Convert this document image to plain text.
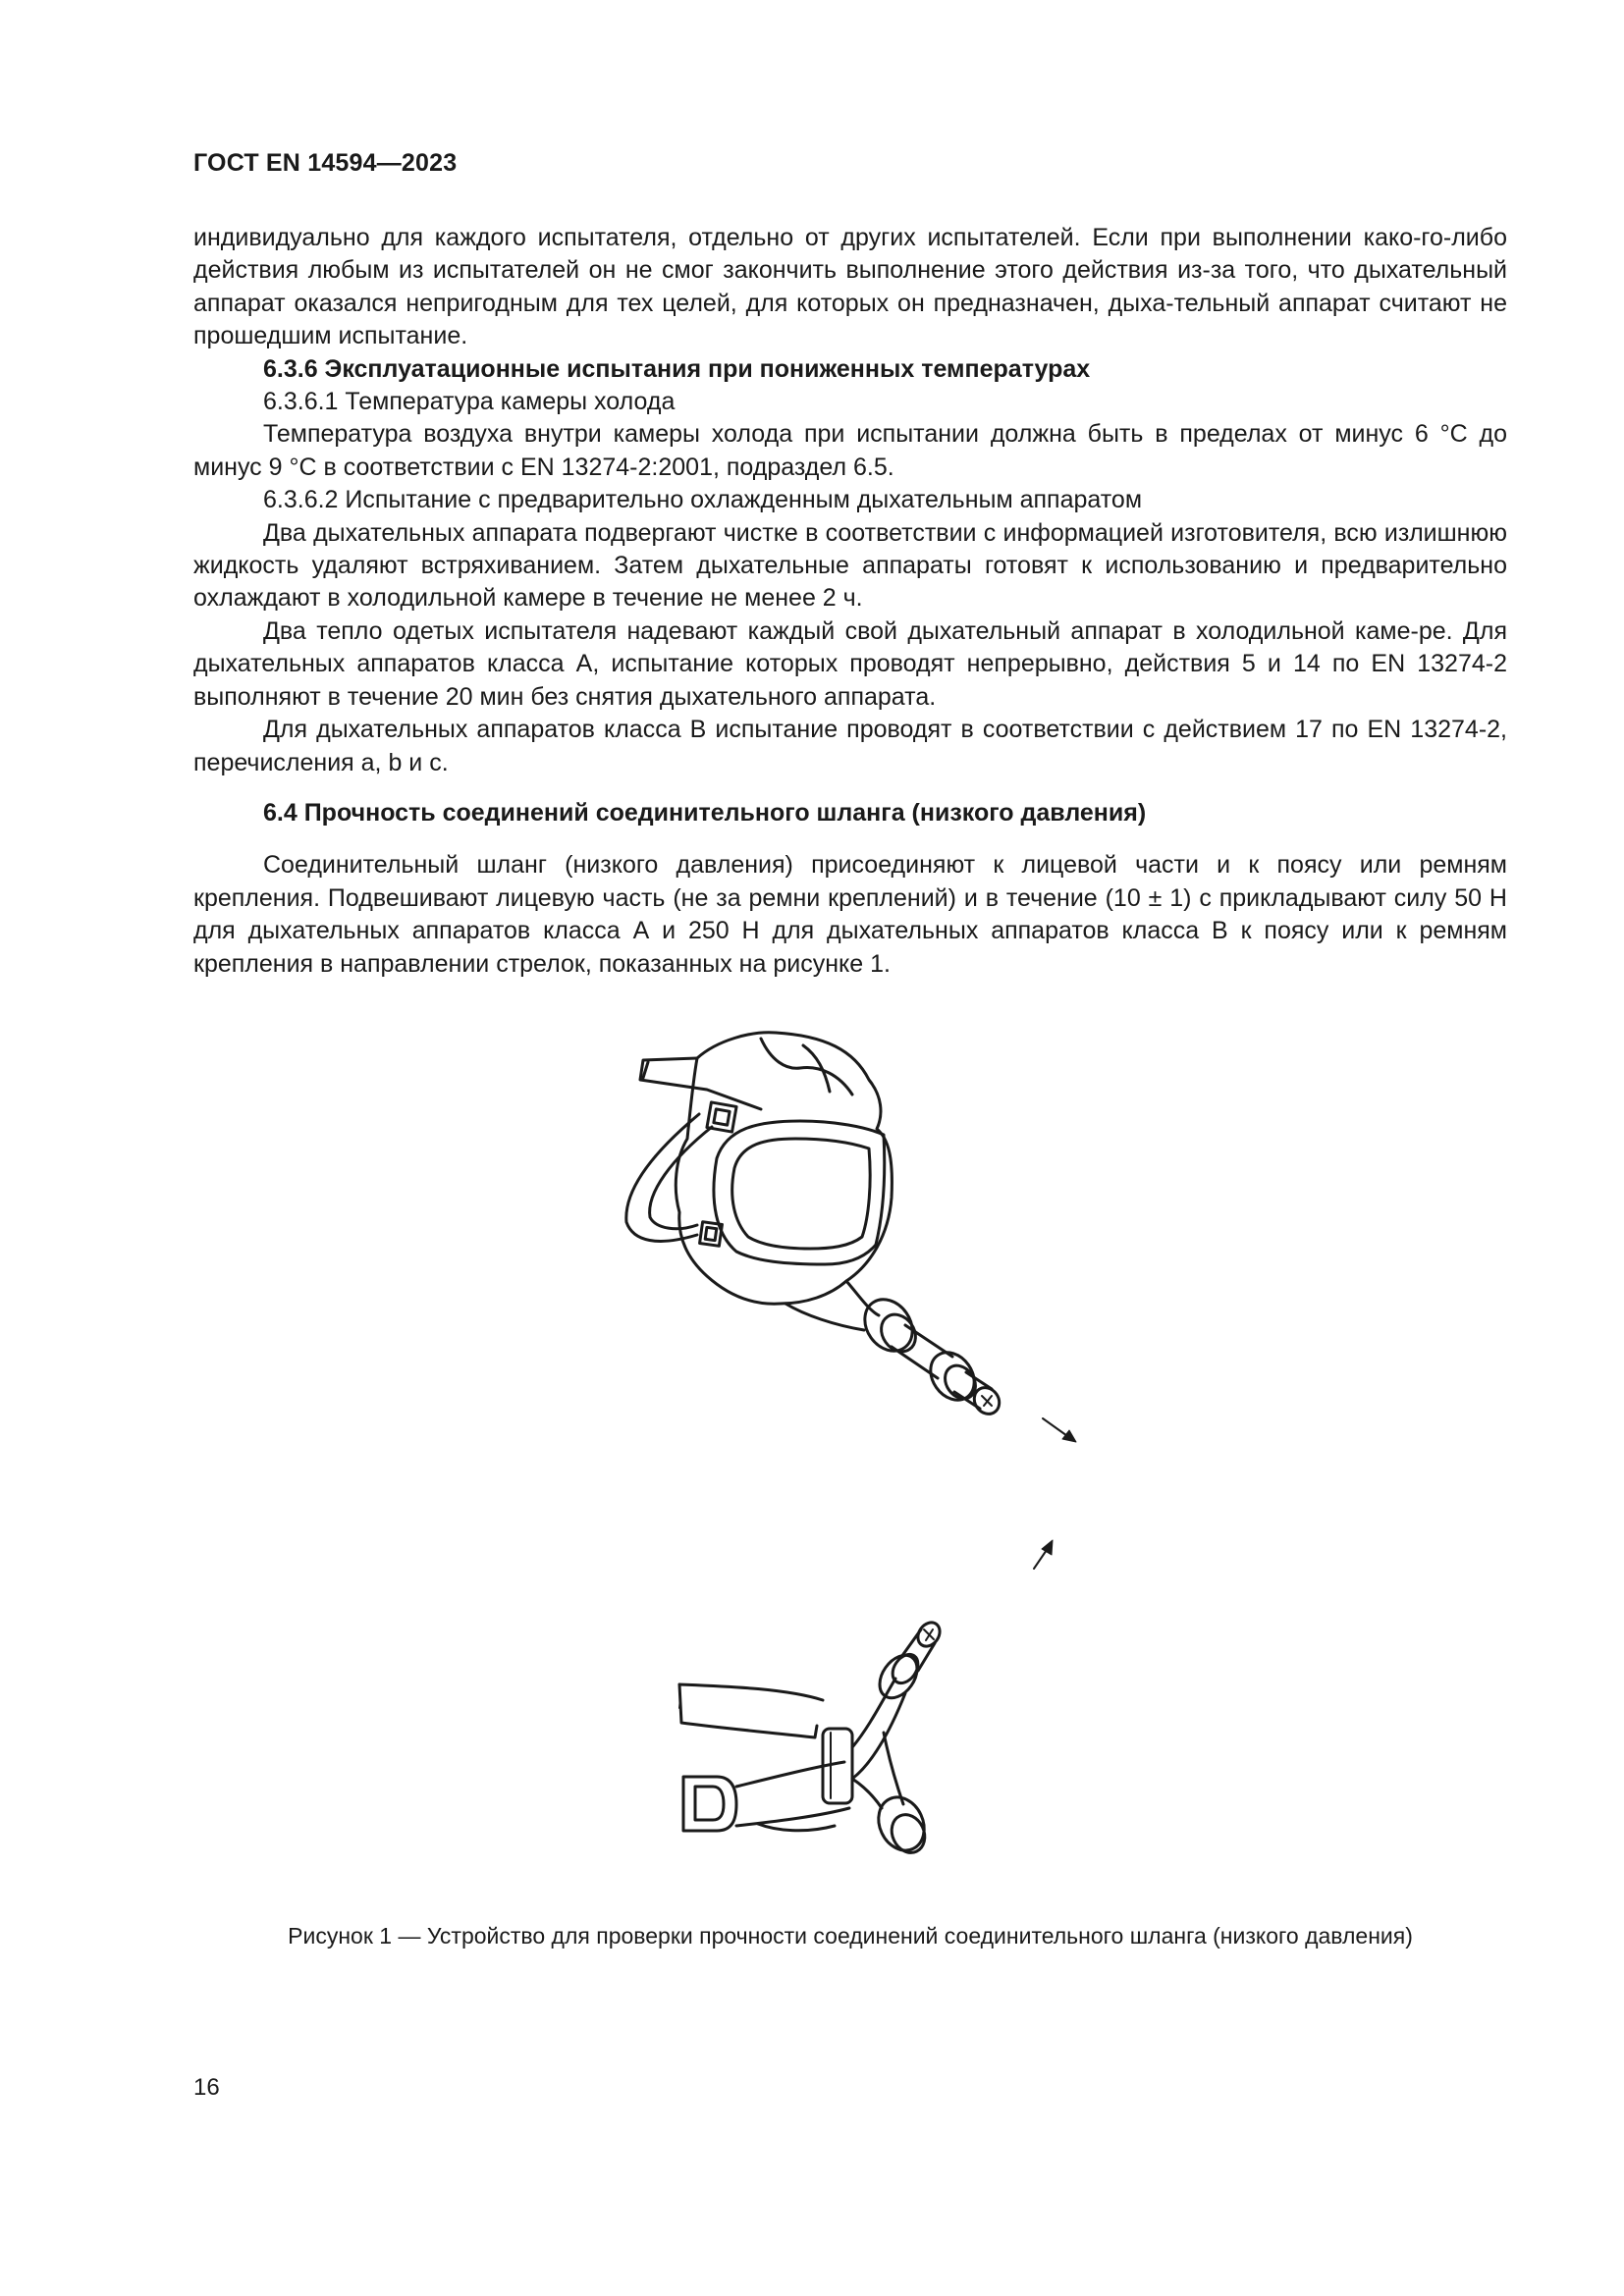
ГОСТ EN 14594—2023

индивидуально для каждого испытателя, отдельно от других испытателей. Если при выполнении како-го-либо действия любым из испытателей он не смог закончить выполнение этого действия из-за того, что дыхательный аппарат оказался непригодным для тех целей, для которых он предназначен, дыха-тельный аппарат считают не прошедшим испытание.

6.3.6 Эксплуатационные испытания при пониженных температурах

6.3.6.1 Температура камеры холода

Температура воздуха внутри камеры холода при испытании должна быть в пределах от минус 6 °С до минус 9 °С в соответствии с EN 13274-2:2001, подраздел 6.5.

6.3.6.2 Испытание с предварительно охлажденным дыхательным аппаратом

Два дыхательных аппарата подвергают чистке в соответствии с информацией изготовителя, всю излишнюю жидкость удаляют встряхиванием. Затем дыхательные аппараты готовят к использованию и предварительно охлаждают в холодильной камере в течение не менее 2 ч.

Два тепло одетых испытателя надевают каждый свой дыхательный аппарат в холодильной каме-ре. Для дыхательных аппаратов класса А, испытание которых проводят непрерывно, действия 5 и 14 по EN 13274-2 выполняют в течение 20 мин без снятия дыхательного аппарата.

Для дыхательных аппаратов класса В испытание проводят в соответствии с действием 17 по EN 13274-2, перечисления а, b и с.

6.4 Прочность соединений соединительного шланга (низкого давления)

Соединительный шланг (низкого давления) присоединяют к лицевой части и к поясу или ремням крепления. Подвешивают лицевую часть (не за ремни креплений) и в течение (10 ± 1) с прикладывают силу 50 Н для дыхательных аппаратов класса А и 250 Н для дыхательных аппаратов класса В к поясу или к ремням крепления в направлении стрелок, показанных на рисунке 1.

Рисунок 1 — Устройство для проверки прочности соединений соединительного шланга (низкого давления)
16
